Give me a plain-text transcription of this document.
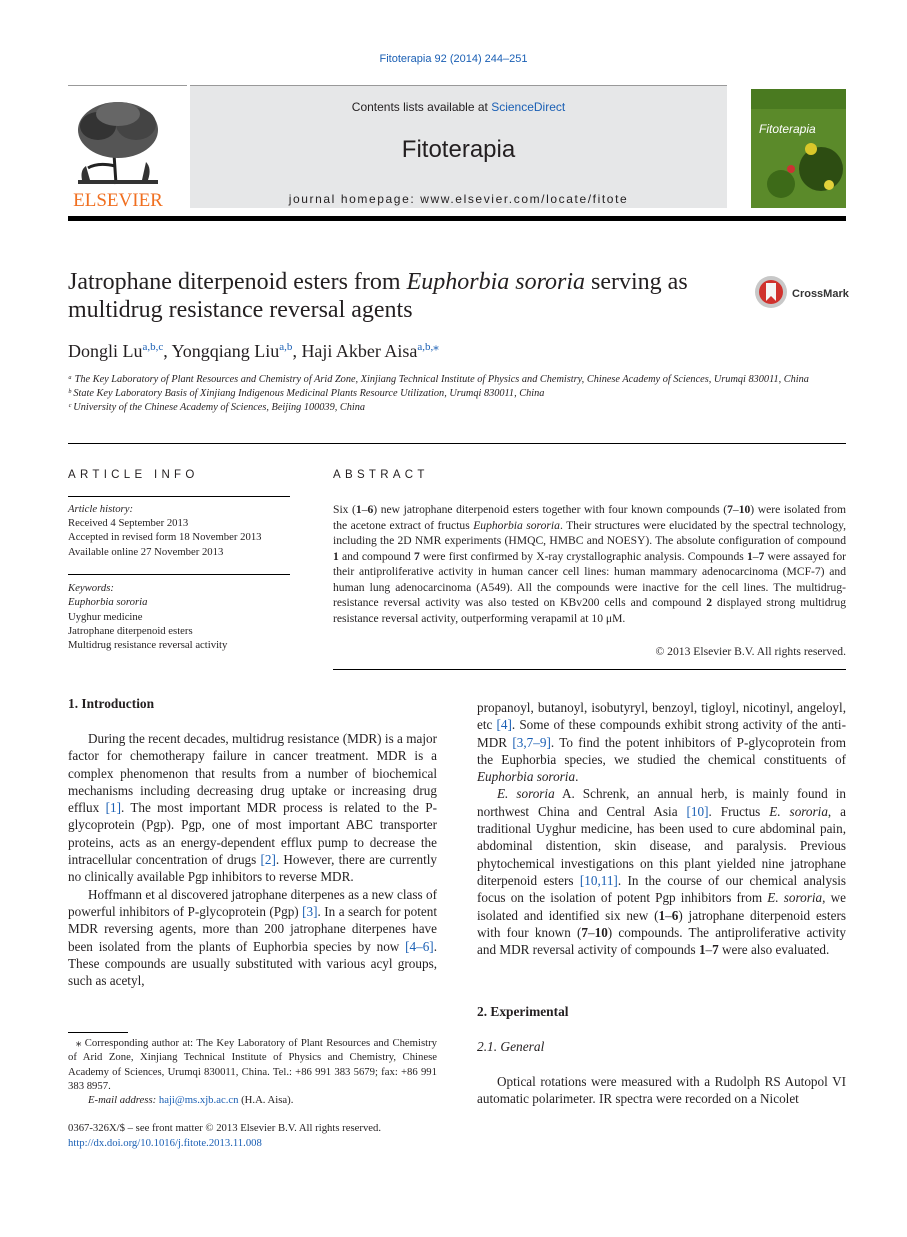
Fitoterapia 92 (2014) 244–251
ELSEVIER
Contents lists available at ScienceDirect
Fitoterapia
journal homepage: www.elsevier.com/locate/fitote
Fitoterapia
Jatrophane diterpenoid esters from Euphorbia sororia serving as multidrug resistance reversal agents
CrossMark
Dongli Lu$^{a,b,c}$, Yongqiang Liu$^{a,b}$, Haji Akber Aisa$^{a,b,⁎}$

ᵃ The Key Laboratory of Plant Resources and Chemistry of Arid Zone, Xinjiang Technical Institute of Physics and Chemistry, Chinese Academy of Sciences, Urumqi 830011, China

ᵇ State Key Laboratory Basis of Xinjiang Indigenous Medicinal Plants Resource Utilization, Urumqi 830011, China

ᶜ University of the Chinese Academy of Sciences, Beijing 100039, China

ARTICLE INFO
Article history:
Received 4 September 2013
Accepted in revised form 18 November 2013
Available online 27 November 2013
Keywords:
Euphorbia sororia
Uyghur medicine
Jatrophane diterpenoid esters
Multidrug resistance reversal activity
ABSTRACT
Six (1–6) new jatrophane diterpenoid esters together with four known compounds (7–10) were isolated from the acetone extract of fructus Euphorbia sororia. Their structures were elucidated by the spectral technology, including the 2D NMR experiments (HMQC, HMBC and NOESY). The absolute configuration of compound 1 and compound 7 were first confirmed by X-ray crystallographic analysis. Compounds 1–7 were assayed for their antiproliferative activity in human cancer cell lines: human mammary adenocarcinoma (MCF-7) and human lung adenocarcinoma (A549). All the compounds were inactive for the cell lines. The multidrug-resistance reversal activity was also tested on KBv200 cells and compound 2 displayed strong multidrug resistance reversal activity, outperforming verapamil at 10 μM.
© 2013 Elsevier B.V. All rights reserved.
1. Introduction

During the recent decades, multidrug resistance (MDR) is a major factor for chemotherapy failure in cancer treatment. MDR is a complex phenomenon that results from a number of biochemical mechanisms including decreasing drug uptake or increasing drug efflux [1]. The most important MDR process is related to the P-glycoprotein (Pgp). Pgp, one of most important ABC transporter proteins, acts as an energy-dependent efflux pump to decrease the intracellular concentration of drugs [2]. However, there are currently no clinically available Pgp inhibitors to reverse MDR.

Hoffmann et al discovered jatrophane diterpenes as a new class of powerful inhibitors of P-glycoprotein (Pgp) [3]. In a search for potent MDR reversing agents, more than 200 jatrophane diterpenes have been isolated from the plants of Euphorbia species by now [4–6]. These compounds are usually substituted with various acyl groups, such as acetyl,

propanoyl, butanoyl, isobutyryl, benzoyl, tigloyl, nicotinyl, angeloyl, etc [4]. Some of these compounds exhibit strong activity of the anti-MDR [3,7–9]. To find the potent inhibitors of P-glycoprotein from the Euphorbia species, we studied the chemical constituents of Euphorbia sororia.

E. sororia A. Schrenk, an annual herb, is mainly found in northwest China and Central Asia [10]. Fructus E. sororia, a traditional Uyghur medicine, has been used to cure abdominal pain, abdominal distention, skin disease, and paralysis. Previous phytochemical investigations on this plant yielded nine jatrophane diterpenoid esters [10,11]. In the course of our chemical analysis focus on the isolation of potent Pgp inhibitors from E. sororia, we isolated and identified six new (1–6) jatrophane diterpenoid esters with four known (7–10) compounds. The antiproliferative activity and MDR reversal activity of compounds 1–7 were also evaluated.

2. Experimental
2.1. General

Optical rotations were measured with a Rudolph RS Autopol VI automatic polarimeter. IR spectra were recorded on a Nicolet

⁎ Corresponding author at: The Key Laboratory of Plant Resources and Chemistry of Arid Zone, Xinjiang Technical Institute of Physics and Chemistry, Chinese Academy of Sciences, Urumqi 830011, China. Tel.: +86 991 383 5679; fax: +86 991 383 8957.

E-mail address: haji@ms.xjb.ac.cn (H.A. Aisa).

0367-326X/$ – see front matter © 2013 Elsevier B.V. All rights reserved.
http://dx.doi.org/10.1016/j.fitote.2013.11.008
